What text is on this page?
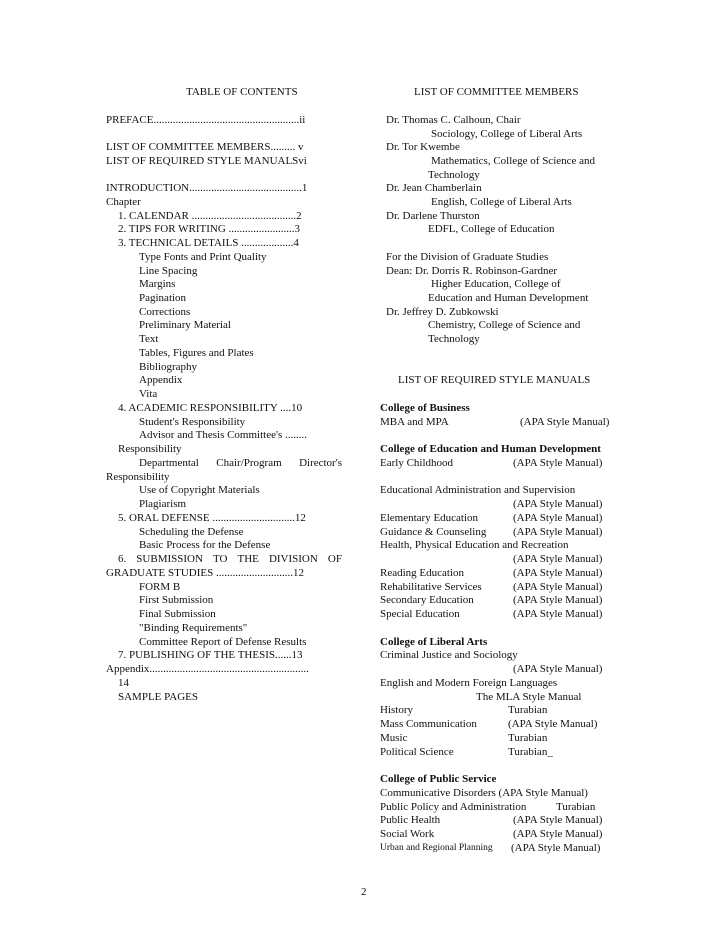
TABLE OF CONTENTS	LIST OF COMMITTEE MEMBERS
PREFACE.....................................................ii
LIST OF COMMITTEE MEMBERS......... v
LIST OF REQUIRED STYLE MANUALSvi
INTRODUCTION.........................................1
Chapter
1. CALENDAR ......................................2
2. TIPS FOR WRITING ........................3
3. TECHNICAL DETAILS ...................4
Type Fonts and Print Quality
Line Spacing
Margins
Pagination
Corrections
Preliminary Material
Text
Tables, Figures and Plates
Bibliography
Appendix
Vita
4. ACADEMIC RESPONSIBILITY ....10
Student's Responsibility
Advisor and Thesis Committee's ........
Responsibility
Departmental Chair/Program Director's
Responsibility
Use of Copyright Materials
Plagiarism
5. ORAL DEFENSE ..............................12
Scheduling the Defense
Basic Process for the Defense
6. SUBMISSION TO THE DIVISION OF
GRADUATE STUDIES ............................12
FORM B
First Submission
Final Submission
"Binding Requirements"
Committee Report of Defense Results
7. PUBLISHING OF THE THESIS......13
Appendix..........................................................
14
SAMPLE PAGES
Dr. Thomas C. Calhoun, Chair
Sociology, College of Liberal Arts
Dr. Tor Kwembe
Mathematics, College of Science and
Technology
Dr. Jean Chamberlain
English, College of Liberal Arts
Dr. Darlene Thurston
EDFL, College of Education
For the Division of Graduate Studies
Dean: Dr. Dorris R. Robinson-Gardner
Higher Education, College of
Education and Human Development
Dr. Jeffrey D. Zubkowski
Chemistry, College of Science and
Technology
LIST OF REQUIRED STYLE MANUALS
College of Business
MBA and MPA	(APA Style Manual)
College of Education and Human Development
Early Childhood	(APA Style Manual)
Educational Administration and Supervision
(APA Style Manual)
Elementary Education	(APA Style Manual)
Guidance & Counseling (APA Style Manual)
Health, Physical Education and Recreation
(APA Style Manual)
Reading Education	(APA Style Manual)
Rehabilitative Services	(APA Style Manual)
Secondary Education	(APA Style Manual)
Special Education	(APA Style Manual)
College of Liberal Arts
Criminal Justice and Sociology
(APA Style Manual)
English and Modern Foreign Languages
The MLA Style Manual
History	Turabian
Mass Communication	(APA Style Manual)
Music	Turabian
Political Science	Turabian_
College of Public Service
Communicative Disorders (APA Style Manual)
Public Policy and Administration	Turabian
Public Health	(APA Style Manual)
Social Work	(APA Style Manual)
Urban and Regional Planning (APA Style Manual)
2
